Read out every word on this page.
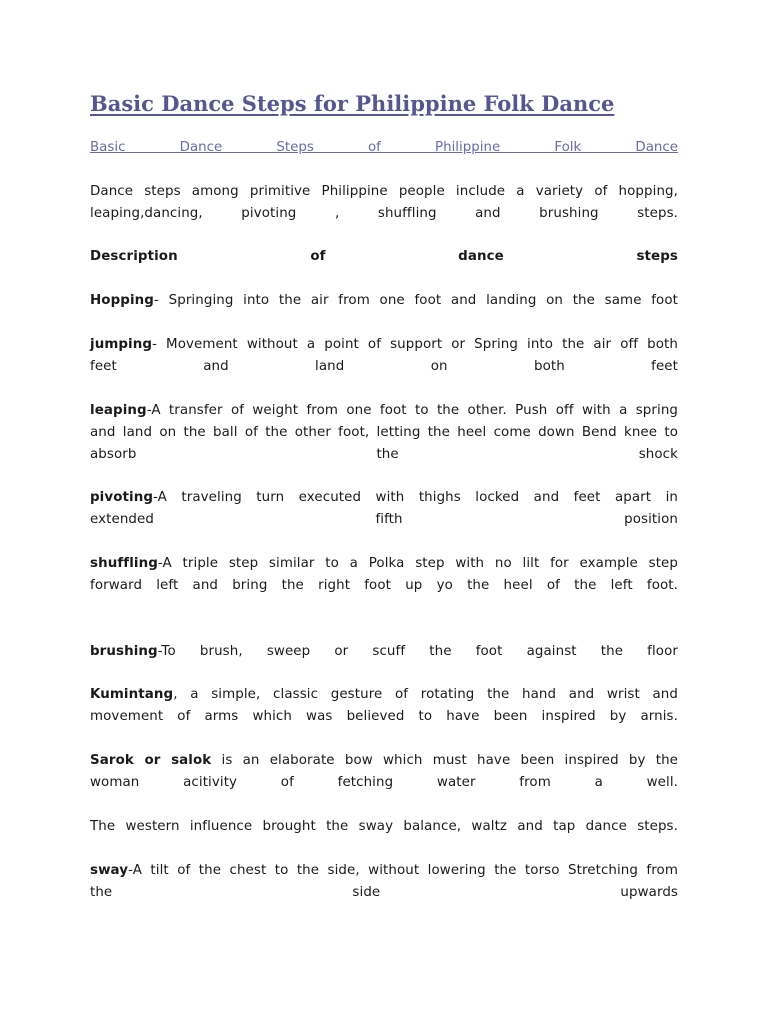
Basic Dance Steps for Philippine Folk Dance
Basic Dance Steps of Philippine Folk Dance
Dance steps among primitive Philippine people include a variety of hopping,
leaping,dancing, pivoting , shuffling and brushing steps.
Description of dance steps
Hopping- Springing into the air from one foot and landing on the same foot
jumping- Movement without a point of support or Spring into the air off both
feet and land on both feet
leaping-A transfer of weight from one foot to the other. Push off with a spring
and land on the ball of the other foot, letting the heel come down Bend knee to
absorb the shock
pivoting-A traveling turn executed with thighs locked and feet apart in
extended fifth position
shuffling-A triple step similar to a Polka step with no lilt for example step
forward left and bring the right foot up yo the heel of the left foot.
brushing-To brush, sweep or scuff the foot against the floor
Kumintang, a simple, classic gesture of rotating the hand and wrist and
movement of arms which was believed to have been inspired by arnis.
Sarok or salok is an elaborate bow which must have been inspired by the
woman acitivity of fetching water from a well.
The western influence brought the sway balance, waltz and tap dance steps.
sway-A tilt of the chest to the side, without lowering the torso Stretching from
the side upwards
